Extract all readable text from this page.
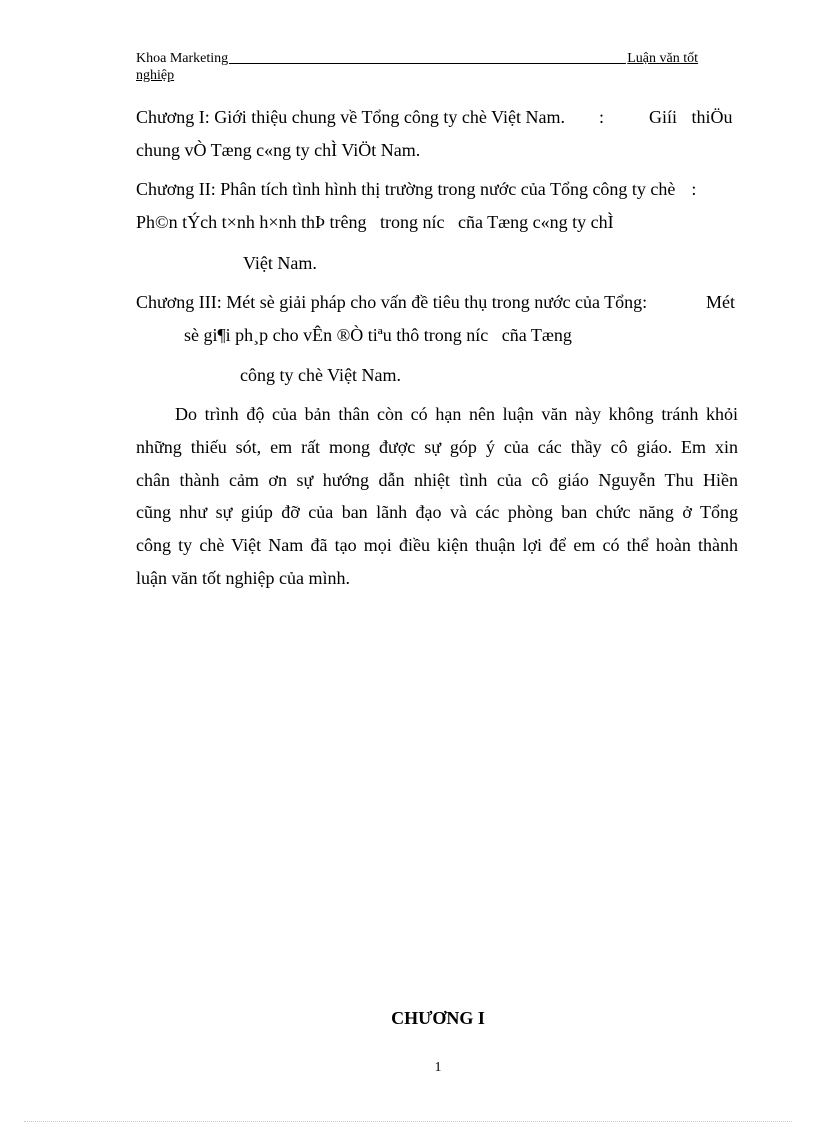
Khoa Marketing	Luận văn tốt
nghiệp
Chương I: Giới thiệu chung về Tổng công ty chè Việt Nam. :	Giíi thiÖu
chung vÒ Tæng c«ng ty chÌ ViÖt Nam.
Chương II: Phân tích tình hình thị trường trong nước của Tổng công ty chè :
Ph©n tÝch t×nh h×nh thÞ trêng   trong níc   cña Tæng c«ng ty chÌ
Việt Nam.
Chương III: Mét sè giải pháp cho vấn đề tiêu thụ trong nước của Tổng:	Mét
sè gi¶i ph¸p cho vÊn ®Ò tiªu thô trong níc   cña Tæng
công ty chè Việt Nam.
Do trình độ của bản thân còn có hạn nên luận văn này không tránh khỏi
những thiếu sót, em rất mong được sự góp ý của các thầy cô giáo. Em xin
chân thành cảm ơn sự hướng dẫn nhiệt tình của cô giáo Nguyễn Thu Hiền
cũng như sự giúp đỡ của ban lãnh đạo và các phòng ban chức năng ở Tổng
công ty chè Việt Nam đã tạo mọi điều kiện thuận lợi để em có thể hoàn thành
luận văn tốt nghiệp của mình.
CHƯƠNG I
1
